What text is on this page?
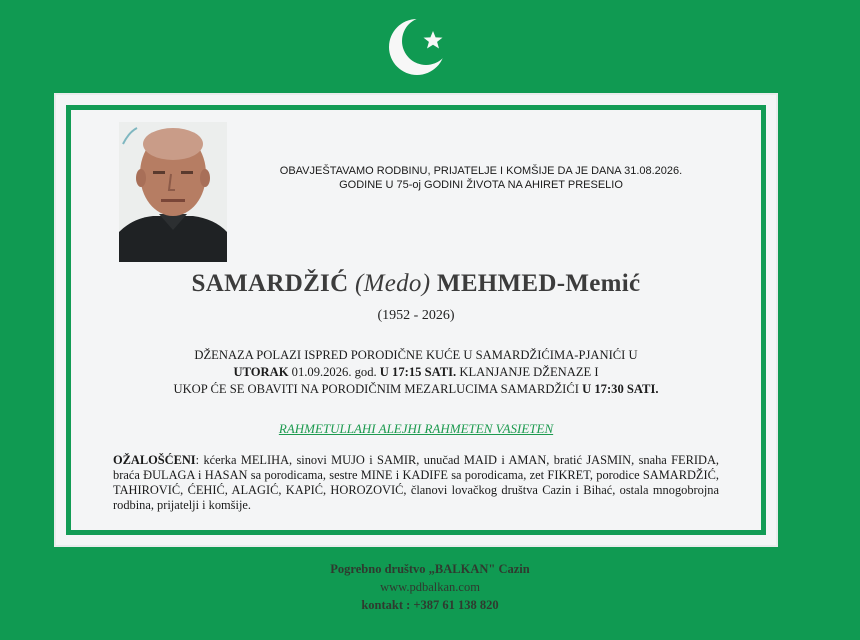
OBAVJEŠTAVAMO RODBINU, PRIJATELJE I KOMŠIJE DA JE DANA 31.08.2026.
GODINE U 75-oj GODINI ŽIVOTA NA AHIRET PRESELIO
SAMARDŽIĆ (Medo) MEHMED-Memić
(1952 - 2026)
DŽENAZA POLAZI ISPRED PORODIČNE KUĆE U SAMARDŽIĆIMA-PJANIĆI U
UTORAK 01.09.2026. god. U 17:15 SATI. KLANJANJE DŽENAZE I
UKOP ĆE SE OBAVITI NA PORODIČNIM MEZARLUCIMA SAMARDŽIĆI U 17:30 SATI.
RAHMETULLAHI ALEJHI RAHMETEN VASIETEN
OŽALOŠĆENI: kćerka MELIHA, sinovi MUJO i SAMIR, unučad MAID i AMAN, bratić JASMIN, snaha FERIDA, braća ĐULAGA i HASAN sa porodicama, sestre MINE i KADIFE sa porodicama, zet FIKRET, porodice SAMARDŽIĆ, TAHIROVIĆ, ĆEHIĆ, ALAGIĆ, KAPIĆ, HOROZOVIĆ, članovi lovačkog društva Cazin i Bihać, ostala mnogobrojna rodbina, prijatelji i komšije.
Pogrebno društvo „BALKAN" Cazin
www.pdbalkan.com
kontakt : +387 61 138 820
